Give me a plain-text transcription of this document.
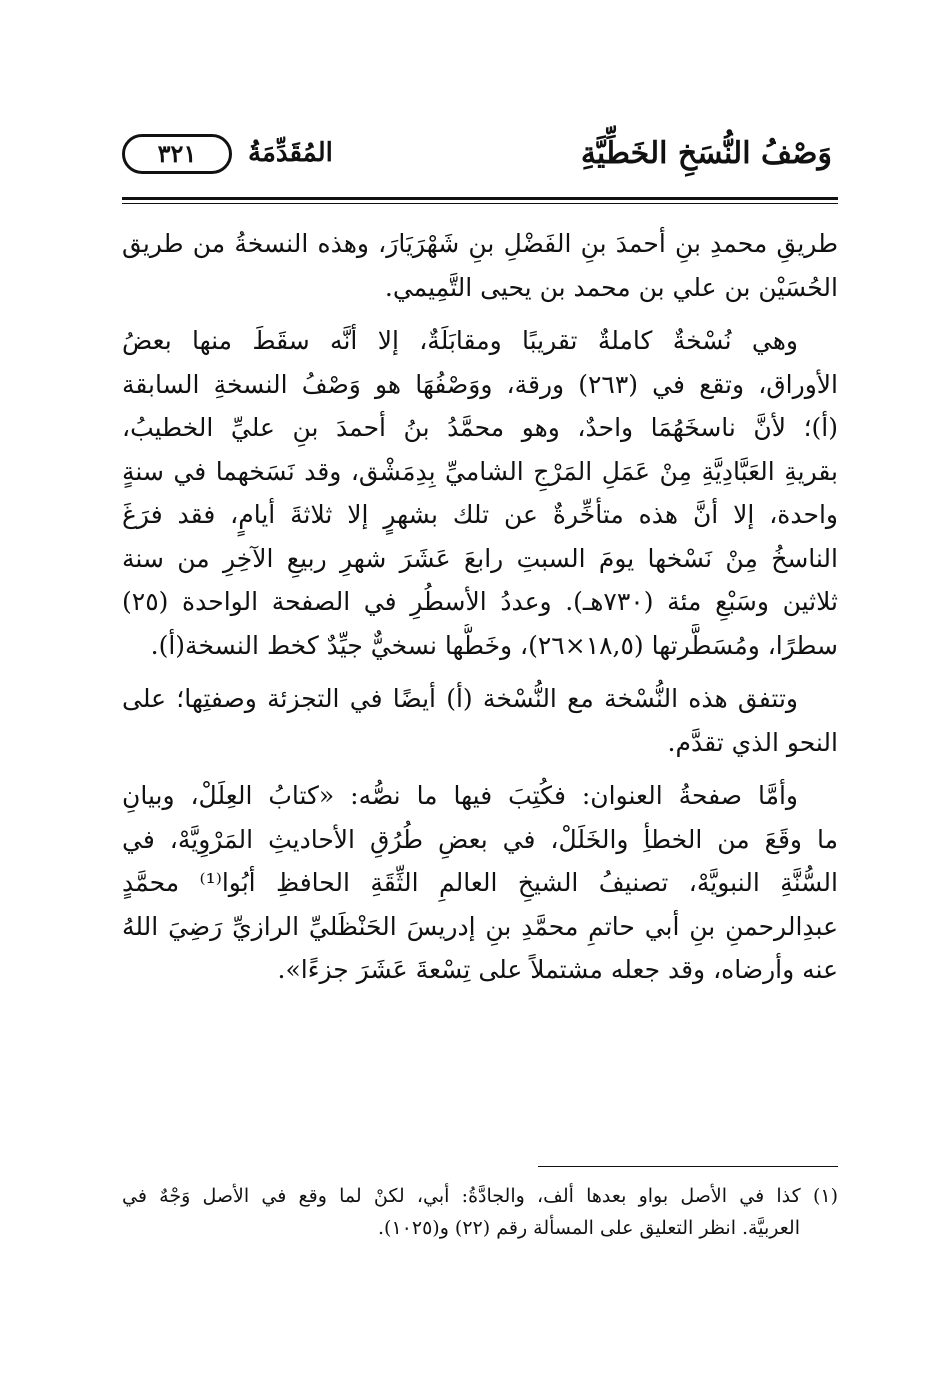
وَصْفُ النُّسَخِ الخَطِّيَّةِ
المُقَدِّمَةُ
٣٢١
طريقِ محمدِ بنِ أحمدَ بنِ الفَضْلِ بنِ شَهْرَيَارَ، وهذه النسخةُ من طريق
الحُسَيْن بن علي بن محمد بن يحيى التَّمِيمي.
وهي نُسْخةٌ كاملةٌ تقريبًا ومقابَلَةٌ، إلا أنَّه سقَطَ منها بعضُ
الأوراق، وتقع في (٢٦٣) ورقة، ووَصْفُهَا هو وَصْفُ النسخةِ السابقة
(أ)؛ لأنَّ ناسخَهُمَا واحدٌ، وهو محمَّدُ بنُ أحمدَ بنِ عليِّ الخطيبُ،
بقريةِ العَبَّادِيَّةِ مِنْ عَمَلِ المَرْجِ الشاميِّ بِدِمَشْق، وقد نَسَخهما في سنةٍ
واحدة، إلا أنَّ هذه متأخِّرةٌ عن تلك بشهرٍ إلا ثلاثةَ أيامٍ، فقد فرَغَ
الناسخُ مِنْ نَسْخها يومَ السبتِ رابعَ عَشَرَ شهرِ ربيعِ الآخِرِ من سنة
ثلاثين وسَبْعِ مئة (٧٣٠هـ). وعددُ الأسطُرِ في الصفحة الواحدة (٢٥)
سطرًا، ومُسَطَّرتها (١٨,٥×٢٦)، وخَطُّها نسخيٌّ جيِّدٌ كخط النسخة(أ).
وتتفق هذه النُّسْخة مع النُّسْخة (أ) أيضًا في التجزئة وصفتِها؛ على
النحو الذي تقدَّم.
وأمَّا صفحةُ العنوان: فكُتِبَ فيها ما نصُّه: «كتابُ العِلَلْ، وبيانِ
ما وقَعَ من الخطأِ والخَلَلْ، في بعضِ طُرُقِ الأحاديثِ المَرْوِيَّهْ، في
السُّنَّةِ النبويَّهْ، تصنيفُ الشيخِ العالمِ الثِّقَةِ الحافظِ أبُوا⁽¹⁾ محمَّدٍ
عبدِالرحمنِ بنِ أبي حاتمِ محمَّدِ بنِ إدريسَ الحَنْظَليِّ الرازيِّ رَضِيَ اللهُ
عنه وأرضاه، وقد جعله مشتملاً على تِسْعةَ عَشَرَ جزءًا».
(١) كذا في الأصل بواو بعدها ألف، والجادَّةُ: أبي، لكنْ لما وقع في الأصل وَجْهٌ في
العربيَّة. انظر التعليق على المسألة رقم (٢٢) و(١٠٢٥).
